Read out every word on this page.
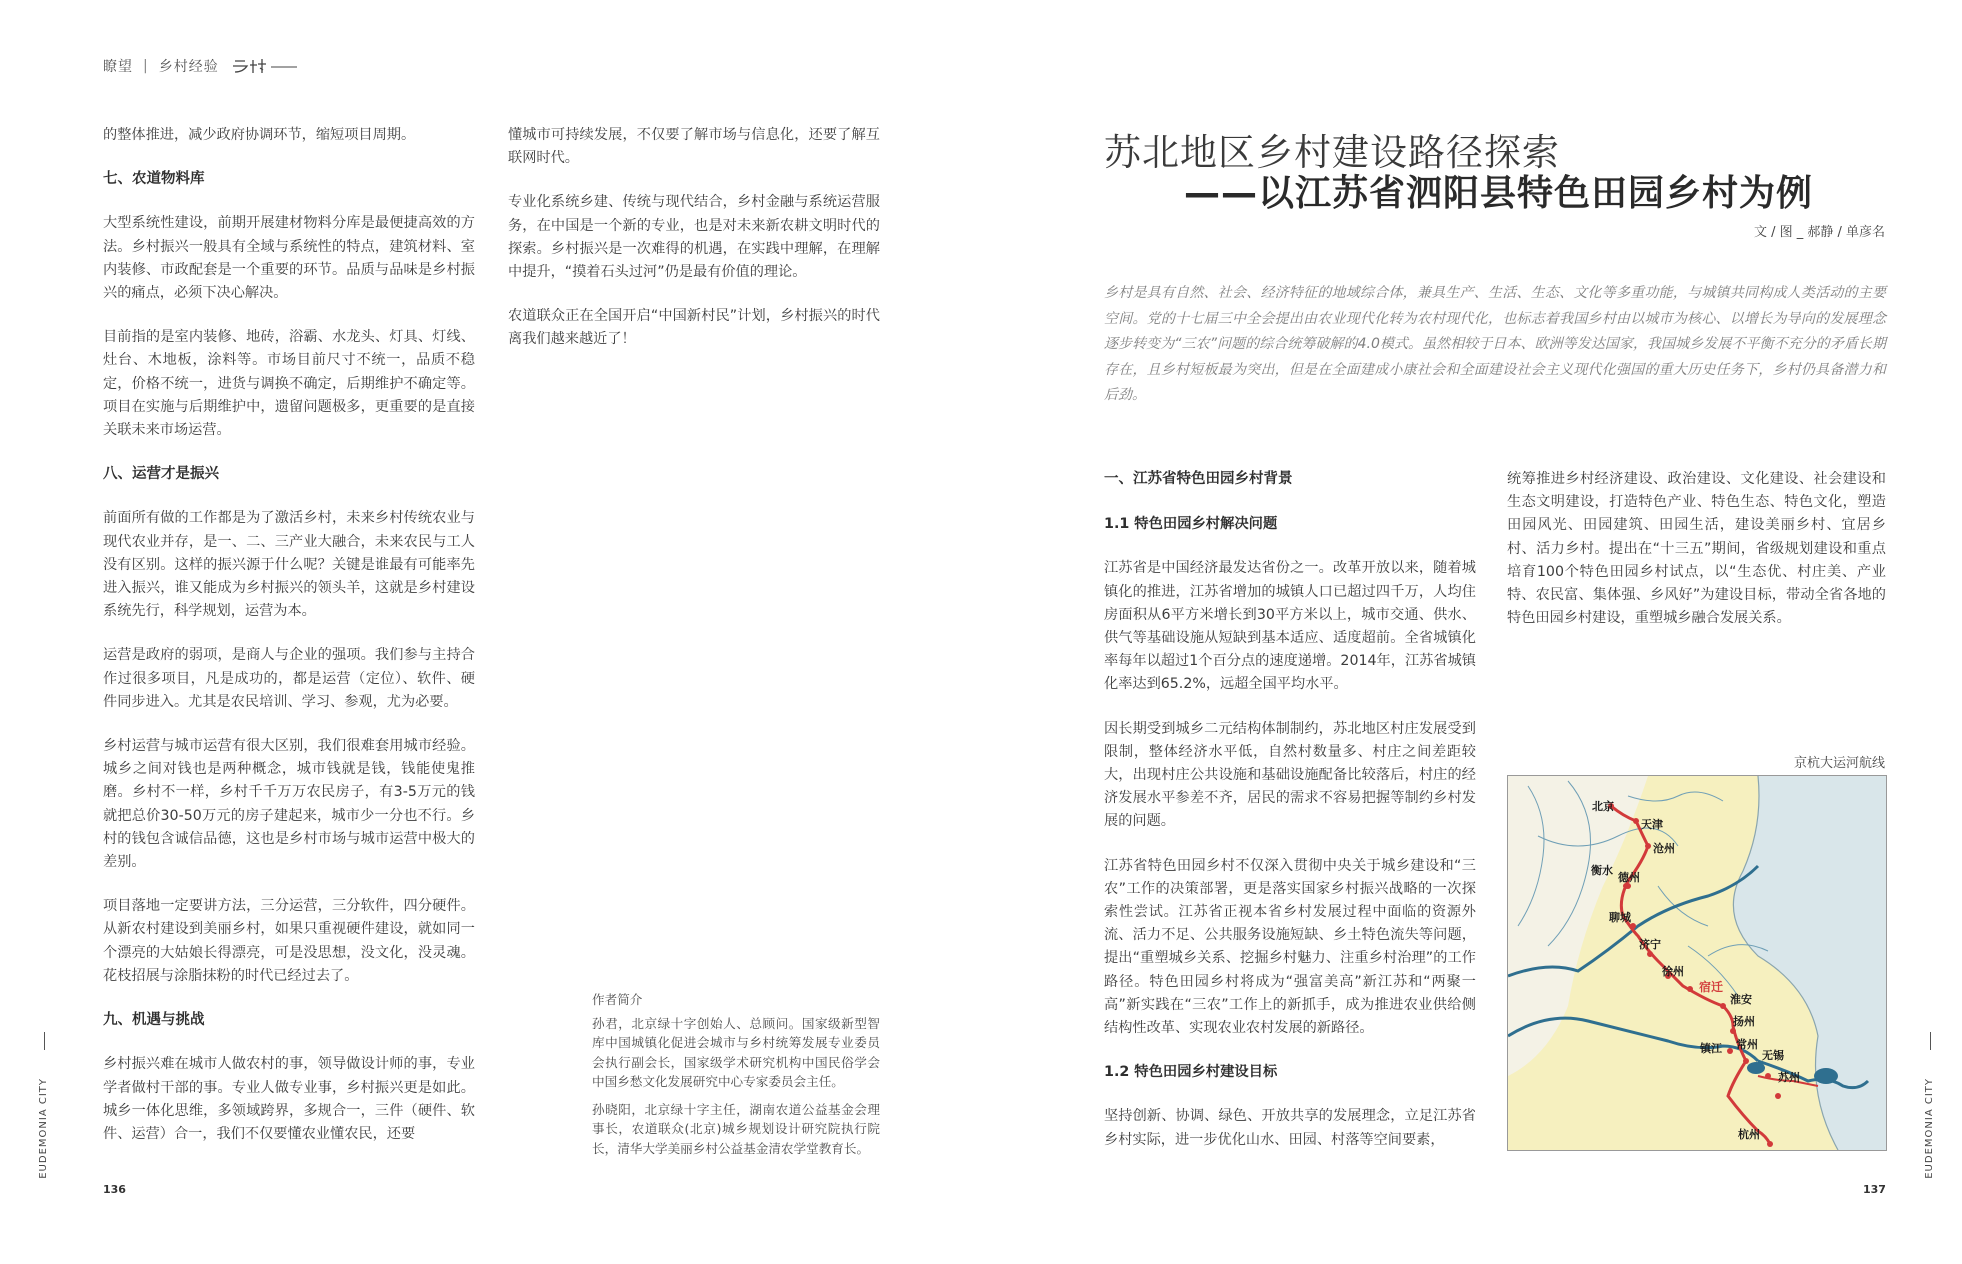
瞭望 | 乡村经验

的整体推进，减少政府协调环节，缩短项目周期。

七、农道物料库

大型系统性建设，前期开展建材物料分库是最便捷高效的方法。乡村振兴一般具有全域与系统性的特点，建筑材料、室内装修、市政配套是一个重要的环节。品质与品味是乡村振兴的痛点，必须下决心解决。

目前指的是室内装修、地砖，浴霸、水龙头、灯具、灯线、灶台、木地板，涂料等。市场目前尺寸不统一，品质不稳定，价格不统一，进货与调换不确定，后期维护不确定等。项目在实施与后期维护中，遗留问题极多，更重要的是直接关联未来市场运营。

八、运营才是振兴

前面所有做的工作都是为了激活乡村，未来乡村传统农业与现代农业并存，是一、二、三产业大融合，未来农民与工人没有区别。这样的振兴源于什么呢？关键是谁最有可能率先进入振兴，谁又能成为乡村振兴的领头羊，这就是乡村建设系统先行，科学规划，运营为本。

运营是政府的弱项，是商人与企业的强项。我们参与主持合作过很多项目，凡是成功的，都是运营（定位）、软件、硬件同步进入。尤其是农民培训、学习、参观，尤为必要。

乡村运营与城市运营有很大区别，我们很难套用城市经验。城乡之间对钱也是两种概念，城市钱就是钱，钱能使鬼推磨。乡村不一样，乡村千千万万农民房子，有3-5万元的钱就把总价30-50万元的房子建起来，城市少一分也不行。乡村的钱包含诚信品德，这也是乡村市场与城市运营中极大的差别。

项目落地一定要讲方法，三分运营，三分软件，四分硬件。从新农村建设到美丽乡村，如果只重视硬件建设，就如同一个漂亮的大姑娘长得漂亮，可是没思想，没文化，没灵魂。花枝招展与涂脂抹粉的时代已经过去了。

九、机遇与挑战

乡村振兴难在城市人做农村的事，领导做设计师的事，专业学者做村干部的事。专业人做专业事，乡村振兴更是如此。城乡一体化思维，多领域跨界，多规合一，三件（硬件、软件、运营）合一，我们不仅要懂农业懂农民，还要

懂城市可持续发展，不仅要了解市场与信息化，还要了解互联网时代。

专业化系统乡建、传统与现代结合，乡村金融与系统运营服务，在中国是一个新的专业，也是对未来新农耕文明时代的探索。乡村振兴是一次难得的机遇，在实践中理解，在理解中提升，“摸着石头过河”仍是最有价值的理论。

农道联众正在全国开启“中国新村民”计划，乡村振兴的时代离我们越来越近了！

作者简介

孙君，北京绿十字创始人、总顾问。国家级新型智库中国城镇化促进会城市与乡村统筹发展专业委员会执行副会长，国家级学术研究机构中国民俗学会中国乡愁文化发展研究中心专家委员会主任。

孙晓阳，北京绿十字主任，湖南农道公益基金会理事长，农道联众(北京)城乡规划设计研究院执行院长，清华大学美丽乡村公益基金清农学堂教育长。

EUDEMONIA CITY
136
苏北地区乡村建设路径探索
——以江苏省泗阳县特色田园乡村为例
文 / 图 _ 郝静 / 单彦名

乡村是具有自然、社会、经济特征的地域综合体，兼具生产、生活、生态、文化等多重功能，与城镇共同构成人类活动的主要空间。党的十七届三中全会提出由农业现代化转为农村现代化，也标志着我国乡村由以城市为核心、以增长为导向的发展理念逐步转变为“三农”问题的综合统筹破解的4.0模式。虽然相较于日本、欧洲等发达国家，我国城乡发展不平衡不充分的矛盾长期存在，且乡村短板最为突出，但是在全面建成小康社会和全面建设社会主义现代化强国的重大历史任务下，乡村仍具备潜力和后劲。

一、江苏省特色田园乡村背景
1.1 特色田园乡村解决问题

江苏省是中国经济最发达省份之一。改革开放以来，随着城镇化的推进，江苏省增加的城镇人口已超过四千万，人均住房面积从6平方米增长到30平方米以上，城市交通、供水、供气等基础设施从短缺到基本适应、适度超前。全省城镇化率每年以超过1个百分点的速度递增。2014年，江苏省城镇化率达到65.2%，远超全国平均水平。

因长期受到城乡二元结构体制制约，苏北地区村庄发展受到限制，整体经济水平低，自然村数量多、村庄之间差距较大，出现村庄公共设施和基础设施配备比较落后，村庄的经济发展水平参差不齐，居民的需求不容易把握等制约乡村发展的问题。

江苏省特色田园乡村不仅深入贯彻中央关于城乡建设和“三农”工作的决策部署，更是落实国家乡村振兴战略的一次探索性尝试。江苏省正视本省乡村发展过程中面临的资源外流、活力不足、公共服务设施短缺、乡土特色流失等问题，提出“重塑城乡关系、挖掘乡村魅力、注重乡村治理”的工作路径。特色田园乡村将成为“强富美高”新江苏和“两聚一高”新实践在“三农”工作上的新抓手，成为推进农业供给侧结构性改革、实现农业农村发展的新路径。

1.2 特色田园乡村建设目标

坚持创新、协调、绿色、开放共享的发展理念，立足江苏省乡村实际，进一步优化山水、田园、村落等空间要素，

统筹推进乡村经济建设、政治建设、文化建设、社会建设和生态文明建设，打造特色产业、特色生态、特色文化，塑造田园风光、田园建筑、田园生活，建设美丽乡村、宜居乡村、活力乡村。提出在“十三五”期间，省级规划建设和重点培育100个特色田园乡村试点，以“生态优、村庄美、产业特、农民富、集体强、乡风好”为建设目标，带动全省各地的特色田园乡村建设，重塑城乡融合发展关系。

京杭大运河航线
北京
天津
沧州
衡水
德州
聊城
济宁
徐州
宿迁
淮安
扬州
镇江 常州
无锡
苏州
杭州	EUDEMONIA CITY
137
